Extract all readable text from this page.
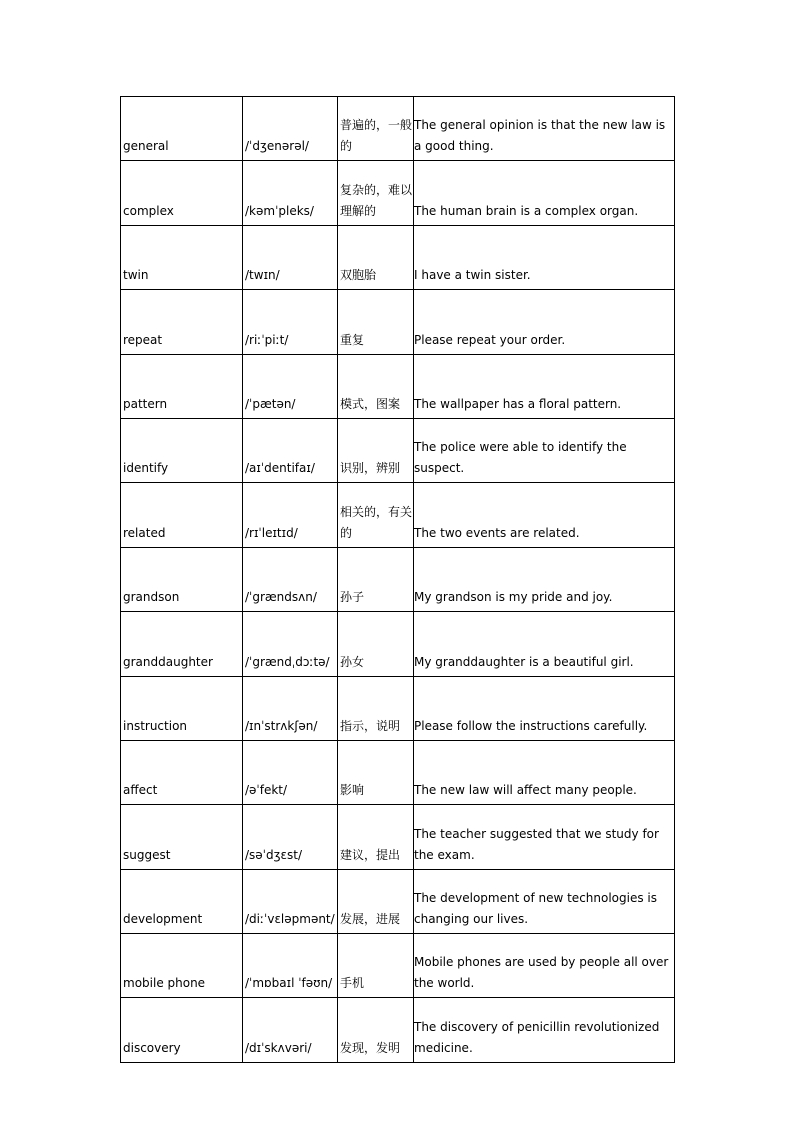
general	/ˈdʒenərəl/	普遍的，一般的	The general opinion is that the new law is a good thing.
complex	/kəmˈpleks/	复杂的，难以理解的	The human brain is a complex organ.
twin	/twɪn/	双胞胎	I have a twin sister.
repeat	/riːˈpiːt/	重复	Please repeat your order.
pattern	/ˈpætən/	模式，图案	The wallpaper has a floral pattern.
identify	/aɪˈdentifaɪ/	识别，辨别	The police were able to identify the suspect.
related	/rɪˈleɪtɪd/	相关的，有关的	The two events are related.
grandson	/ˈgrændsʌn/	孙子	My grandson is my pride and joy.
granddaughter	/ˈgrændˌdɔːtə/	孙女	My granddaughter is a beautiful girl.
instruction	/ɪnˈstrʌkʃən/	指示，说明	Please follow the instructions carefully.
affect	/əˈfekt/	影响	The new law will affect many people.
suggest	/səˈdʒɛst/	建议，提出	The teacher suggested that we study for the exam.
development	/diːˈvɛləpmənt/	发展，进展	The development of new technologies is changing our lives.
mobile phone	/ˈmɒbaɪl ˈfəʊn/	手机	Mobile phones are used by people all over the world.
discovery	/dɪˈskʌvəri/	发现，发明	The discovery of penicillin revolutionized medicine.
